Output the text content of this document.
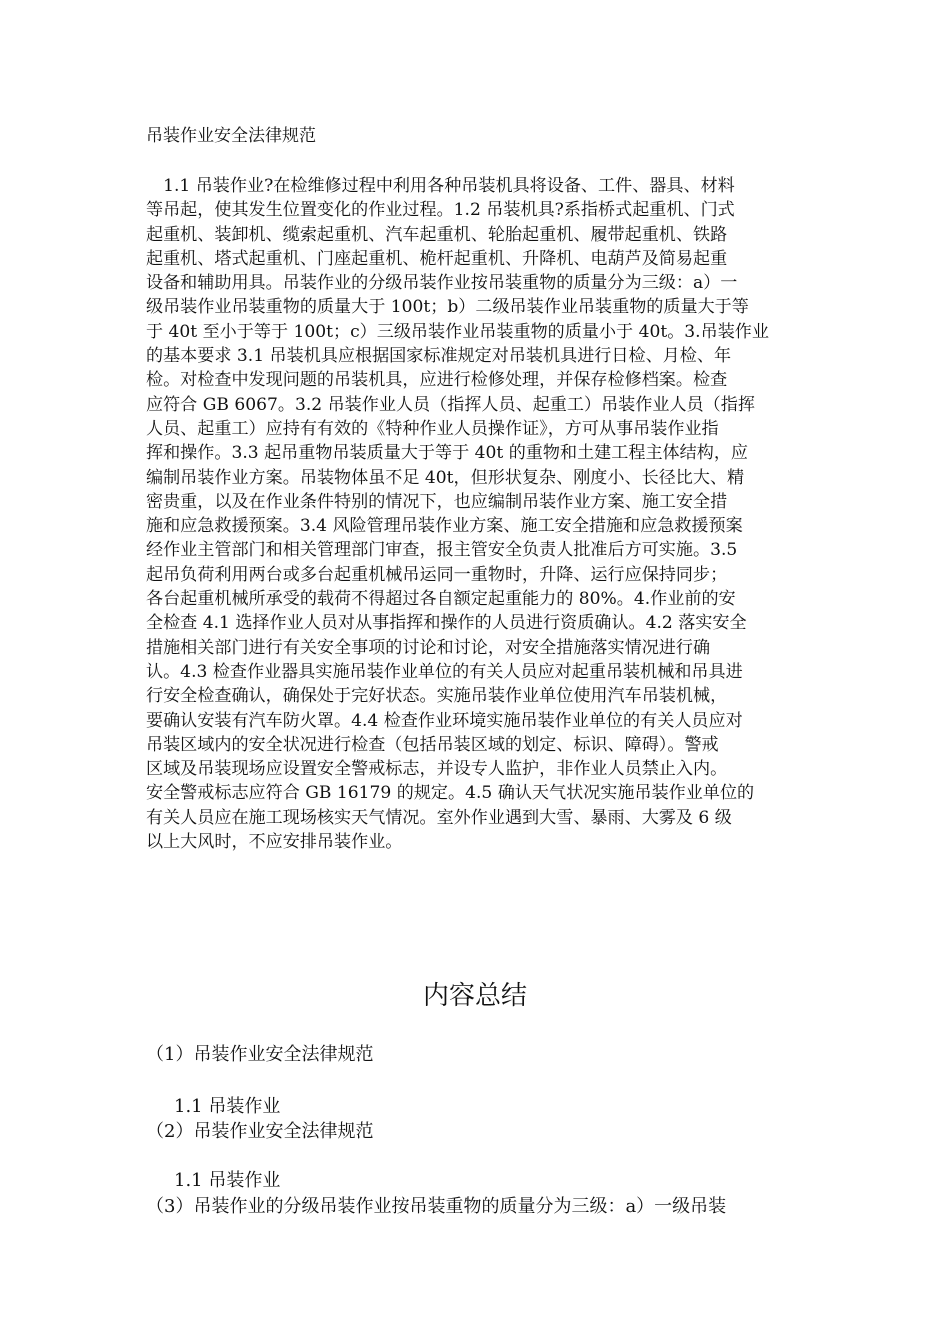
吊装作业安全法律规范
　1.1 吊装作业?在检维修过程中利用各种吊装机具将设备、工件、器具、材料
等吊起，使其发生位置变化的作业过程。1.2 吊装机具?系指桥式起重机、门式
起重机、装卸机、缆索起重机、汽车起重机、轮胎起重机、履带起重机、铁路
起重机、塔式起重机、门座起重机、桅杆起重机、升降机、电葫芦及简易起重
设备和辅助用具。吊装作业的分级吊装作业按吊装重物的质量分为三级：a）一
级吊装作业吊装重物的质量大于 100t；b）二级吊装作业吊装重物的质量大于等
于 40t 至小于等于 100t；c）三级吊装作业吊装重物的质量小于 40t。3.吊装作业
的基本要求 3.1 吊装机具应根据国家标准规定对吊装机具进行日检、月检、年
检。对检查中发现问题的吊装机具，应进行检修处理，并保存检修档案。检查
应符合 GB 6067。3.2 吊装作业人员（指挥人员、起重工）吊装作业人员（指挥
人员、起重工）应持有有效的《特种作业人员操作证》，方可从事吊装作业指
挥和操作。3.3 起吊重物吊装质量大于等于 40t 的重物和土建工程主体结构，应
编制吊装作业方案。吊装物体虽不足 40t，但形状复杂、刚度小、长径比大、精
密贵重，以及在作业条件特别的情况下，也应编制吊装作业方案、施工安全措
施和应急救援预案。3.4 风险管理吊装作业方案、施工安全措施和应急救援预案
经作业主管部门和相关管理部门审查，报主管安全负责人批准后方可实施。3.5
起吊负荷利用两台或多台起重机械吊运同一重物时，升降、运行应保持同步；
各台起重机械所承受的载荷不得超过各自额定起重能力的 80%。4.作业前的安
全检查 4.1 选择作业人员对从事指挥和操作的人员进行资质确认。4.2 落实安全
措施相关部门进行有关安全事项的讨论和讨论，对安全措施落实情况进行确
认。4.3 检查作业器具实施吊装作业单位的有关人员应对起重吊装机械和吊具进
行安全检查确认，确保处于完好状态。实施吊装作业单位使用汽车吊装机械，
要确认安装有汽车防火罩。4.4 检查作业环境实施吊装作业单位的有关人员应对
吊装区域内的安全状况进行检查（包括吊装区域的划定、标识、障碍）。警戒
区域及吊装现场应设置安全警戒标志，并设专人监护，非作业人员禁止入内。
安全警戒标志应符合 GB 16179 的规定。4.5 确认天气状况实施吊装作业单位的
有关人员应在施工现场核实天气情况。室外作业遇到大雪、暴雨、大雾及 6 级
以上大风时，不应安排吊装作业。
内容总结
（1）吊装作业安全法律规范
1.1 吊装作业
（2）吊装作业安全法律规范
1.1 吊装作业
（3）吊装作业的分级吊装作业按吊装重物的质量分为三级：a）一级吊装
